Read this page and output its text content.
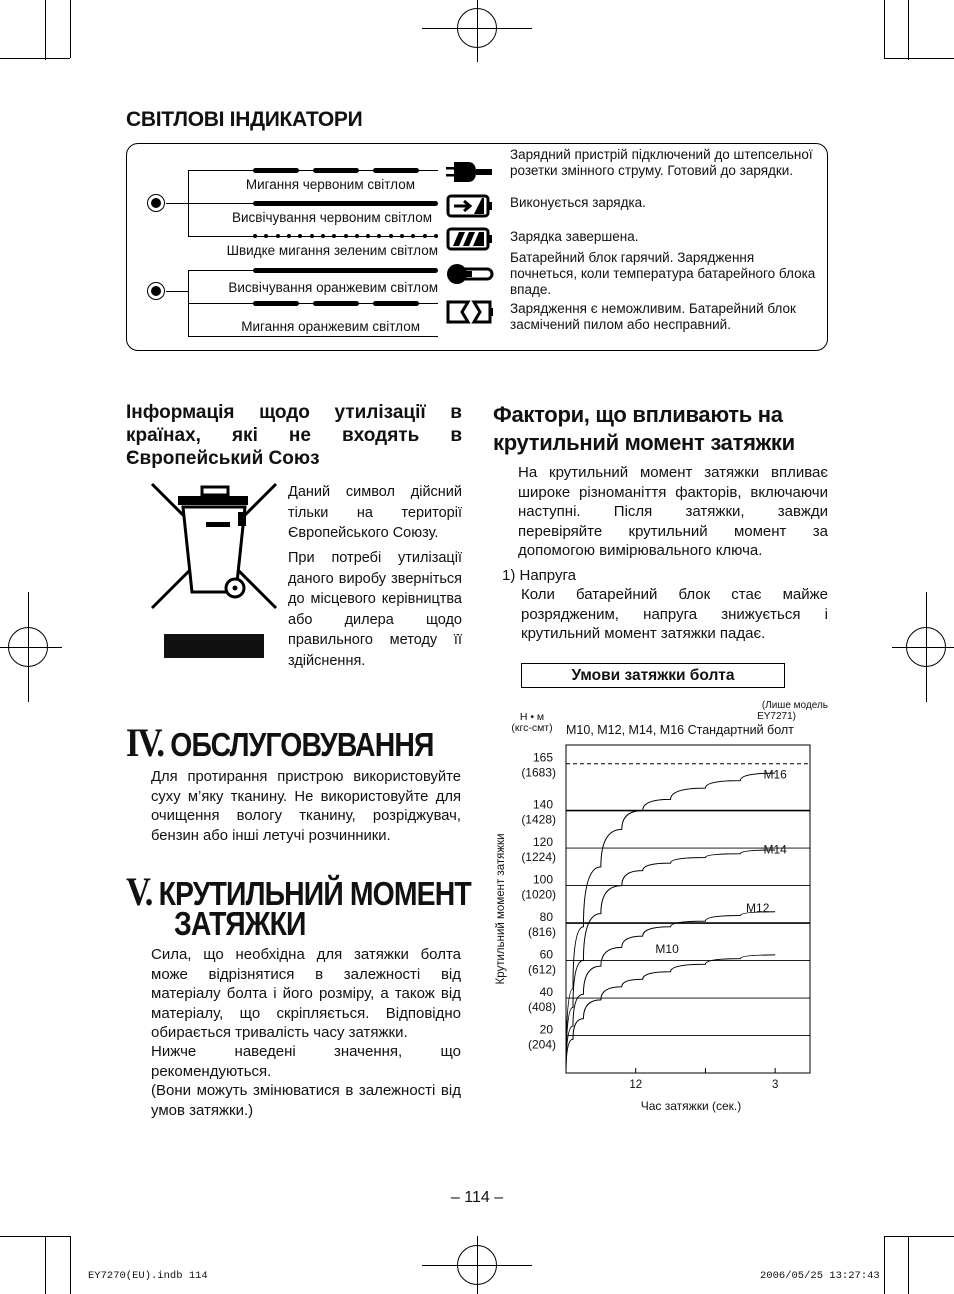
СВІТЛОВІ ІНДИКАТОРИ
Мигання червоним світлом
Висвічування червоним світлом
Швидке мигання зеленим світлом
Висвічування оранжевим світлом
Мигання оранжевим світлом
Зарядний пристрій підключений до штепсельної розетки змінного струму. Готовий до зарядки.
Виконується зарядка.
Зарядка завершена.
Батарейний блок гарячий. Зарядження почнеться, коли температура батарейного блока впаде.
Зарядження є неможливим. Батарейний блок засмічений пилом або несправний.
Інформація щодо утилізації в країнах, які не входять в Європейський Союз
Даний символ дійсний тільки на території Європейського Союзу.
При потребі утилізації даного виробу зверніться до місцевого керівництва або дилера щодо правильного методу її здійснення.
IV. ОБСЛУГОВУВАННЯ
Для протирання пристрою використовуйте суху м’яку тканину. Не використовуйте для очищення вологу тканину, розріджувач, бензин або інші летучі розчинники.
V. КРУТИЛЬНИЙ МОМЕНТ
ЗАТЯЖКИ
Сила, що необхідна для затяжки болта може відрізнятися в залежності від матеріалу болта і його розміру, а також від матеріалу, що скріпляється. Відповідно обирається тривалість часу затяжки.
Нижче наведені значення, що рекомендуються.
(Вони можуть змінюватися в залежності від умов затяжки.)
Фактори, що впливають на крутильний момент затяжки
На крутильний момент затяжки впливає широке різноманіття факторів, включаючи наступні. Після затяжки, завжди перевіряйте крутильний момент за допомогою вимірювального ключа.
1) Напруга
Коли батарейний блок стає майже розрядженим, напруга знижується і крутильний момент затяжки падає.
Умови затяжки болта
165
(1683)
140
(1428)
120
(1224)
100
(1020)
80
(816)
60
(612)
40
(408)
20
(204)
12	3
M16
M14
M12
M10
Н • м
(кгс-смт)
(Лише модель
EY7271)
M10, M12, M14, M16 Стандартний болт
Крутильний момент затяжки
Час затяжки (сек.)
– 114 –
EY7270(EU).indb 114	2006/05/25 13:27:43
